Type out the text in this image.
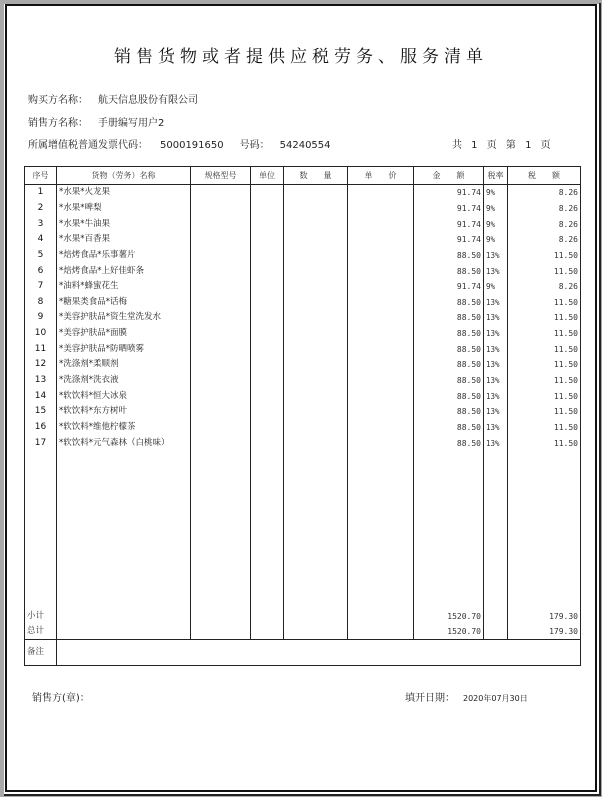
销售货物或者提供应税劳务、服务清单
购买方名称： 航天信息股份有限公司
销售方名称： 手册编写用户2
所属增值税普通发票代码： 5000191650 号码： 54240554	共 1 页 第 1 页
序号	货物（劳务）名称	规格型号	单位	数　　量	单　　价	金　　额	税率	税　　额
1	*水果*火龙果					91.74	9%	8.26
2	*水果*啤梨					91.74	9%	8.26
3	*水果*牛油果					91.74	9%	8.26
4	*水果*百香果					91.74	9%	8.26
5	*焙烤食品*乐事薯片					88.50	13%	11.50
6	*焙烤食品*上好佳虾条					88.50	13%	11.50
7	*油料*蜂蜜花生					91.74	9%	8.26
8	*糖果类食品*话梅					88.50	13%	11.50
9	*美容护肤品*资生堂洗发水					88.50	13%	11.50
10	*美容护肤品*面膜					88.50	13%	11.50
11	*美容护肤品*防晒喷雾					88.50	13%	11.50
12	*洗涤剂*柔顺剂					88.50	13%	11.50
13	*洗涤剂*洗衣液					88.50	13%	11.50
14	*软饮料*恒大冰泉					88.50	13%	11.50
15	*软饮料*东方树叶					88.50	13%	11.50
16	*软饮料*维他柠檬茶					88.50	13%	11.50
17	*软饮料*元气森林（白桃味）					88.50	13%	11.50

小计						1520.70		179.30
总计						1520.70		179.30
备注								
销售方(章)：	填开日期： 2020年07月30日
